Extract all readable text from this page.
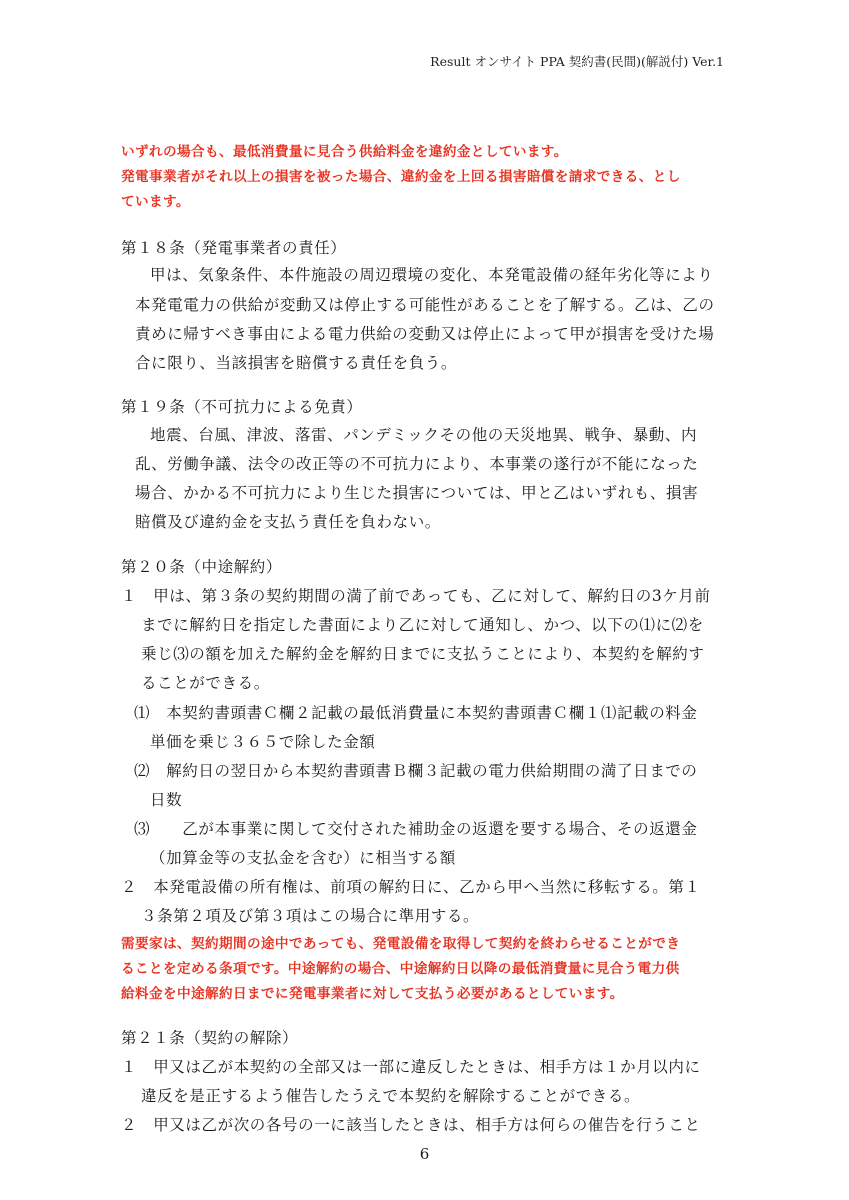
Result オンサイト PPA 契約書(民間)(解説付) Ver.1
いずれの場合も、最低消費量に見合う供給料金を違約金としています。
発電事業者がそれ以上の損害を被った場合、違約金を上回る損害賠償を請求できる、とし
ています。
第１８条（発電事業者の責任）
甲は、気象条件、本件施設の周辺環境の変化、本発電設備の経年劣化等により
本発電電力の供給が変動又は停止する可能性があることを了解する。乙は、乙の
責めに帰すべき事由による電力供給の変動又は停止によって甲が損害を受けた場
合に限り、当該損害を賠償する責任を負う。
第１９条（不可抗力による免責）
地震、台風、津波、落雷、パンデミックその他の天災地異、戦争、暴動、内
乱、労働争議、法令の改正等の不可抗力により、本事業の遂行が不能になった
場合、かかる不可抗力により生じた損害については、甲と乙はいずれも、損害
賠償及び違約金を支払う責任を負わない。
第２０条（中途解約）
１　甲は、第３条の契約期間の満了前であっても、乙に対して、解約日の3ケ月前
までに解約日を指定した書面により乙に対して通知し、かつ、以下の⑴に⑵を
乗じ⑶の額を加えた解約金を解約日までに支払うことにより、本契約を解約す
ることができる。
⑴　本契約書頭書Ｃ欄２記載の最低消費量に本契約書頭書Ｃ欄１⑴記載の料金
単価を乗じ３６５で除した金額
⑵　解約日の翌日から本契約書頭書Ｂ欄３記載の電力供給期間の満了日までの
日数
⑶　　乙が本事業に関して交付された補助金の返還を要する場合、その返還金
（加算金等の支払金を含む）に相当する額
２　本発電設備の所有権は、前項の解約日に、乙から甲へ当然に移転する。第１
３条第２項及び第３項はこの場合に準用する。
需要家は、契約期間の途中であっても、発電設備を取得して契約を終わらせることができ
ることを定める条項です。中途解約の場合、中途解約日以降の最低消費量に見合う電力供
給料金を中途解約日までに発電事業者に対して支払う必要があるとしています。
第２１条（契約の解除）
１　甲又は乙が本契約の全部又は一部に違反したときは、相手方は１か月以内に
違反を是正するよう催告したうえで本契約を解除することができる。
２　甲又は乙が次の各号の一に該当したときは、相手方は何らの催告を行うこと
6
